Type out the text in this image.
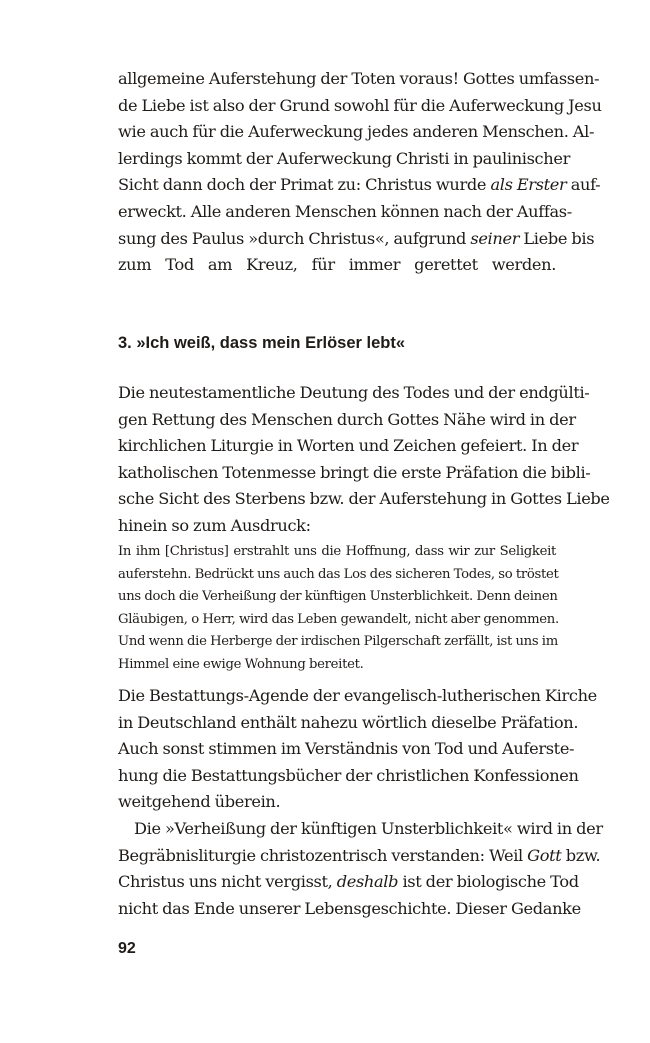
allgemeine Auferstehung der Toten voraus! Gottes umfassen-
de Liebe ist also der Grund sowohl für die Auferweckung Jesu
wie auch für die Auferweckung jedes anderen Menschen. Al-
lerdings kommt der Auferweckung Christi in paulinischer
Sicht dann doch der Primat zu: Christus wurde als Erster auf-
erweckt. Alle anderen Menschen können nach der Auffas-
sung des Paulus »durch Christus«, aufgrund seiner Liebe bis
zum Tod am Kreuz, für immer gerettet werden.

3. »Ich weiß, dass mein Erlöser lebt«

Die neutestamentliche Deutung des Todes und der endgülti-
gen Rettung des Menschen durch Gottes Nähe wird in der
kirchlichen Liturgie in Worten und Zeichen gefeiert. In der
katholischen Totenmesse bringt die erste Präfation die bibli-
sche Sicht des Sterbens bzw. der Auferstehung in Gottes Liebe
hinein so zum Ausdruck:

In ihm [Christus] erstrahlt uns die Hoffnung, dass wir zur Seligkeit
auferstehn. Bedrückt uns auch das Los des sicheren Todes, so tröstet
uns doch die Verheißung der künftigen Unsterblichkeit. Denn deinen
Gläubigen, o Herr, wird das Leben gewandelt, nicht aber genommen.
Und wenn die Herberge der irdischen Pilgerschaft zerfällt, ist uns im
Himmel eine ewige Wohnung bereitet.

Die Bestattungs-Agende der evangelisch-lutherischen Kirche
in Deutschland enthält nahezu wörtlich dieselbe Präfation.
Auch sonst stimmen im Verständnis von Tod und Auferste-
hung die Bestattungsbücher der christlichen Konfessionen
weitgehend überein.

Die »Verheißung der künftigen Unsterblichkeit« wird in der
Begräbnisliturgie christozentrisch verstanden: Weil Gott bzw.
Christus uns nicht vergisst, deshalb ist der biologische Tod
nicht das Ende unserer Lebensgeschichte. Dieser Gedanke

92
